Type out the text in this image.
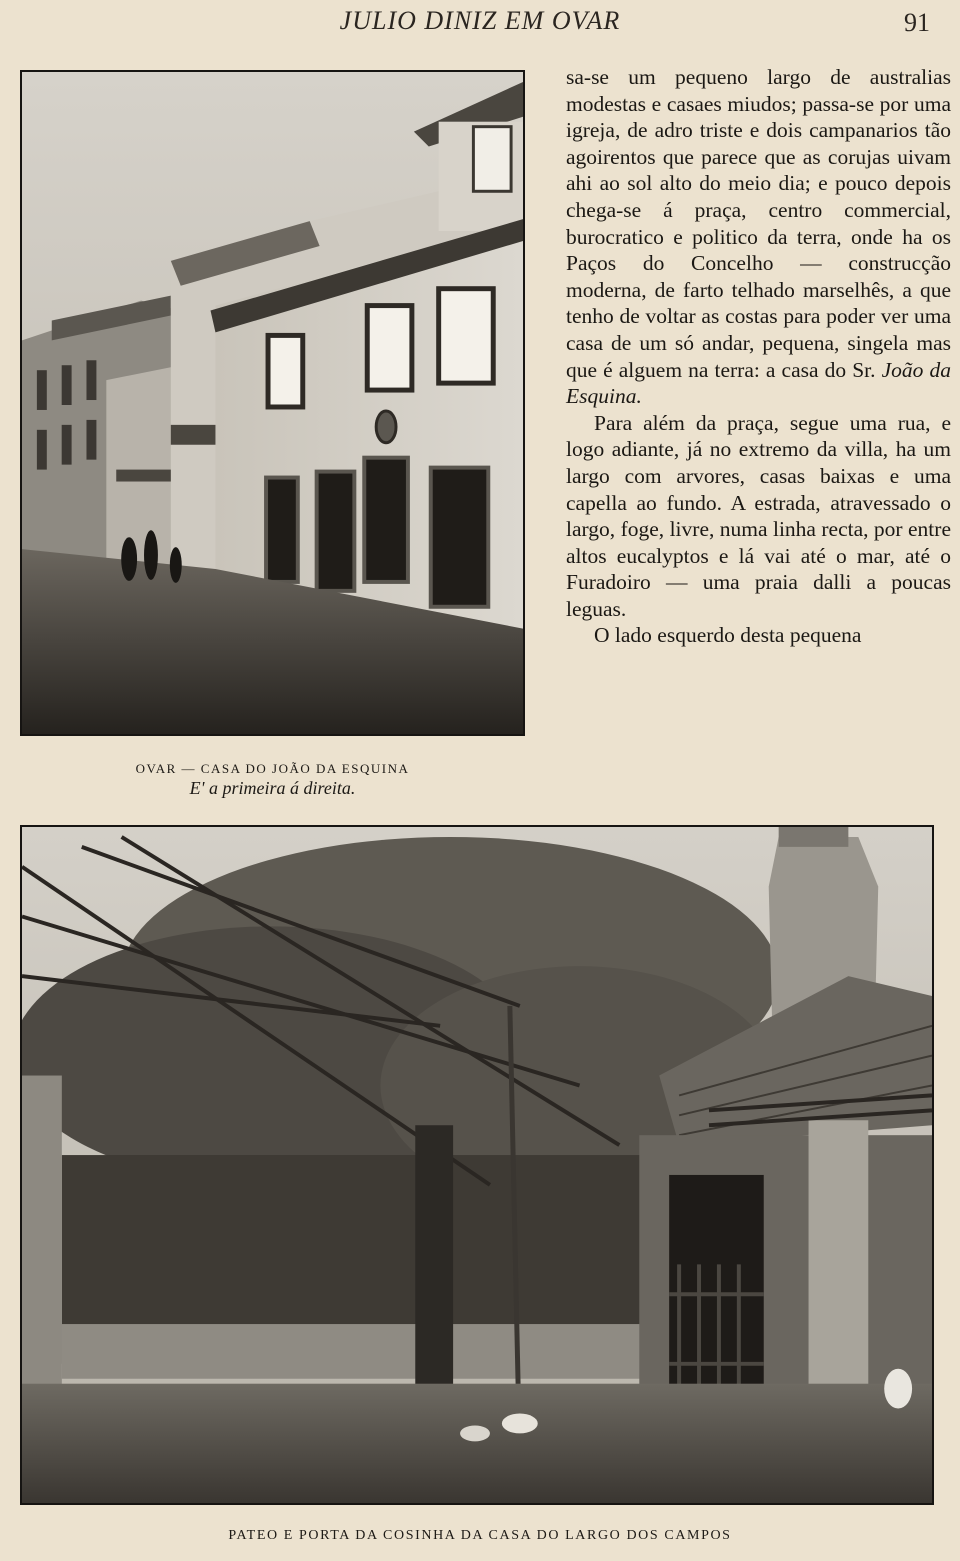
JULIO DINIZ EM OVAR	91
OVAR — CASA DO JOÃO DA ESQUINA
E' a primeira á direita.

sa-se um pequeno largo de australias modestas e casaes miudos; passa-se por uma igreja, de adro triste e dois campanarios tão agoirentos que parece que as corujas uivam ahi ao sol alto do meio dia; e pouco depois chega-se á praça, centro commercial, burocratico e politico da terra, onde ha os Paços do Concelho — construcção moderna, de farto telhado marselhês, a que tenho de voltar as costas para poder ver uma casa de um só andar, pequena, singela mas que é alguem na terra: a casa do Sr. João da Esquina.

Para além da praça, segue uma rua, e logo adiante, já no extremo da villa, ha um largo com arvores, casas baixas e uma capella ao fundo. A estrada, atravessado o largo, foge, livre, numa linha recta, por entre altos eucalyptos e lá vai até o mar, até o Furadoiro — uma praia dalli a poucas leguas.

O lado esquerdo desta pequena

PATEO E PORTA DA COSINHA DA CASA DO LARGO DOS CAMPOS
